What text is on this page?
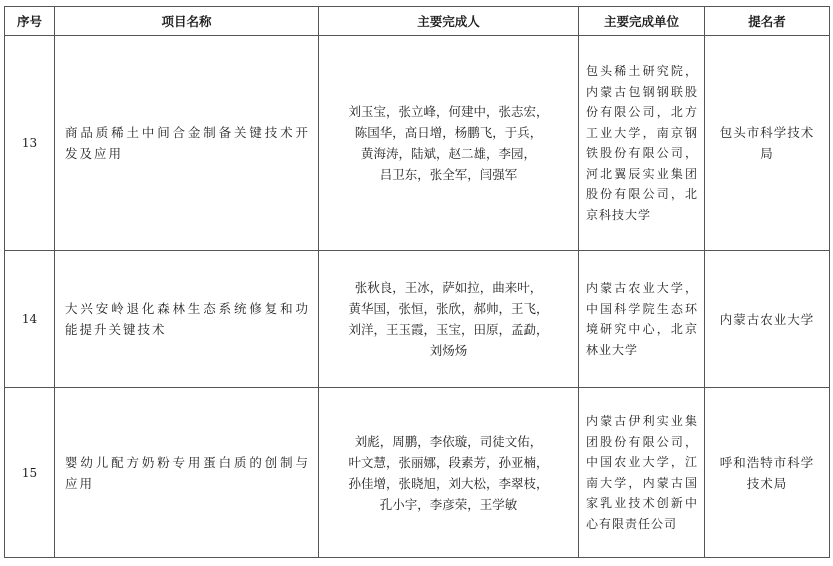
序号	项目名称	主要完成人	主要完成单位	提名者
13	商品质稀土中间合金制备关键技术开发及应用	刘玉宝，张立峰，何建中，张志宏，
陈国华，高日增，杨鹏飞，于兵，
黄海涛，陆斌，赵二雄，李园，
吕卫东，张全军，闫强军	包头稀土研究院，内蒙古包钢钢联股份有限公司，北方工业大学，南京钢铁股份有限公司，河北翼辰实业集团股份有限公司，北京科技大学	包头市科学技术局
14	大兴安岭退化森林生态系统修复和功能提升关键技术	张秋良，王冰，萨如拉，曲来叶，
黄华国，张恒，张欣，郝帅，王飞，
刘洋，王玉霞，玉宝，田原，孟勐，
刘炀炀	内蒙古农业大学，中国科学院生态环境研究中心，北京林业大学	内蒙古农业大学
15	婴幼儿配方奶粉专用蛋白质的创制与应用	刘彪，周鹏，李依璇，司徒文佑，
叶文慧，张丽娜，段素芳，孙亚楠，
孙佳增，张晓旭，刘大松，李翠枝，
孔小宇，李彦荣，王学敏	内蒙古伊利实业集团股份有限公司，中国农业大学，江南大学，内蒙古国家乳业技术创新中心有限责任公司	呼和浩特市科学技术局
